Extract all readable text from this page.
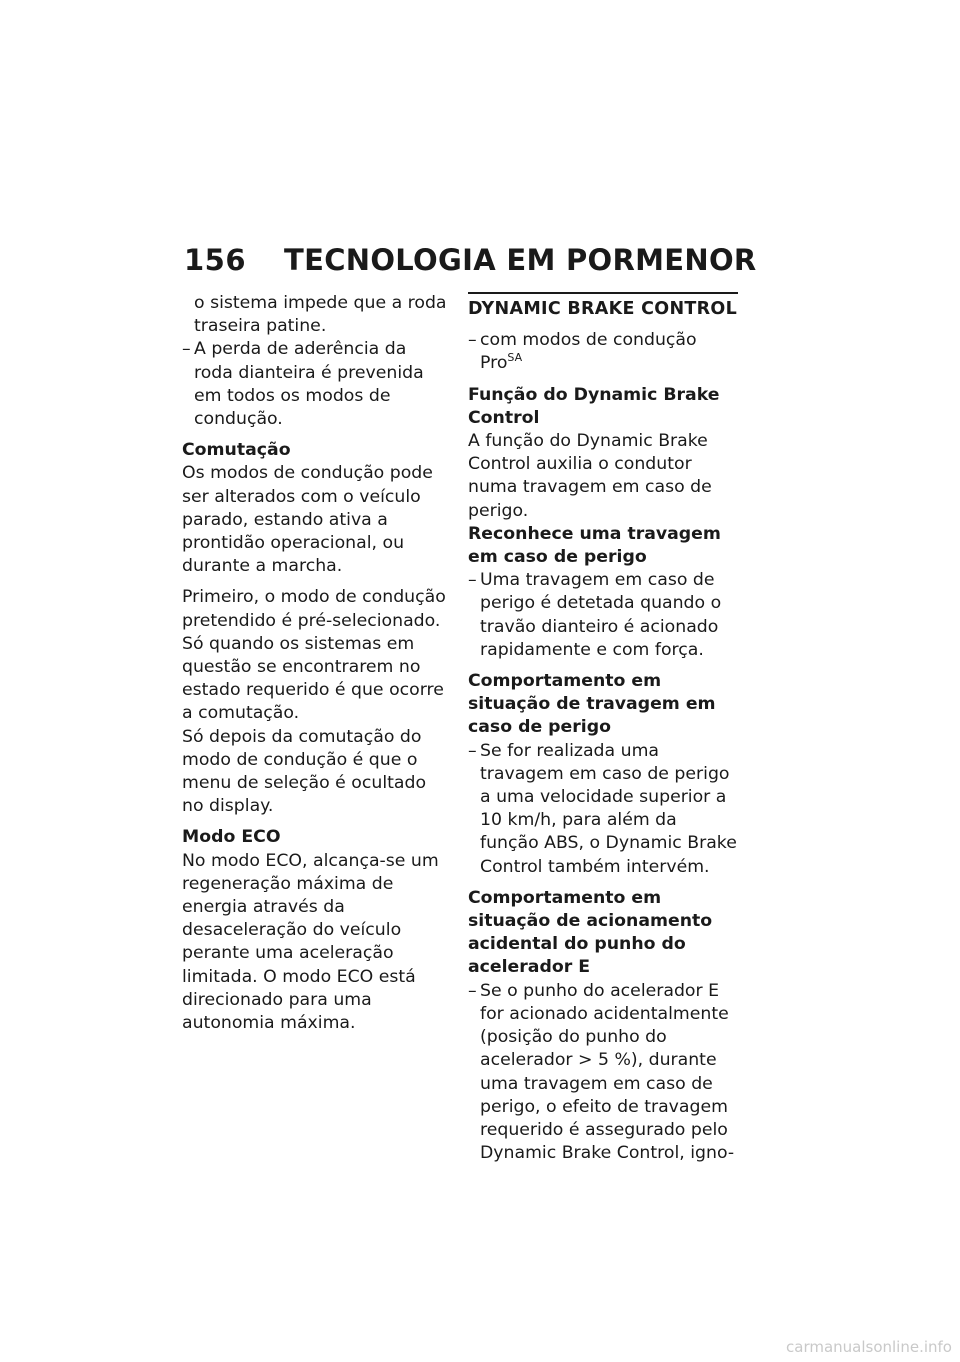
156	TECNOLOGIA EM PORMENOR

o sistema impede que a roda traseira patine.

– A perda de aderência da roda dianteira é prevenida em todos os modos de condução.

Comutação

Os modos de condução pode ser alterados com o veículo parado, estando ativa a prontidão operacional, ou durante a marcha.

Primeiro, o modo de condução pretendido é pré-selecionado. Só quando os sistemas em questão se encontrarem no estado requerido é que ocorre a comutação.

Só depois da comutação do modo de condução é que o menu de seleção é ocultado no display.

Modo ECO

No modo ECO, alcança-se um regeneração máxima de energia através da desaceleração do veículo perante uma aceleração limitada. O modo ECO está direcionado para uma autonomia máxima.

DYNAMIC BRAKE CONTROL

– com modos de condução Pro$^{SA}$

Função do Dynamic Brake Control

A função do Dynamic Brake Control auxilia o condutor numa travagem em caso de perigo.

Reconhece uma travagem em caso de perigo

– Uma travagem em caso de perigo é detetada quando o travão dianteiro é acionado rapidamente e com força.

Comportamento em situação de travagem em caso de perigo

– Se for realizada uma travagem em caso de perigo a uma velocidade superior a 10 km/h, para além da função ABS, o Dynamic Brake Control também intervém.

Comportamento em situação de acionamento acidental do punho do acelerador E

– Se o punho do acelerador E for acionado acidentalmente (posição do punho do acelerador > 5 %), durante uma travagem em caso de perigo, o efeito de travagem requerido é assegurado pelo Dynamic Brake Control, igno-

carmanualsonline.info
